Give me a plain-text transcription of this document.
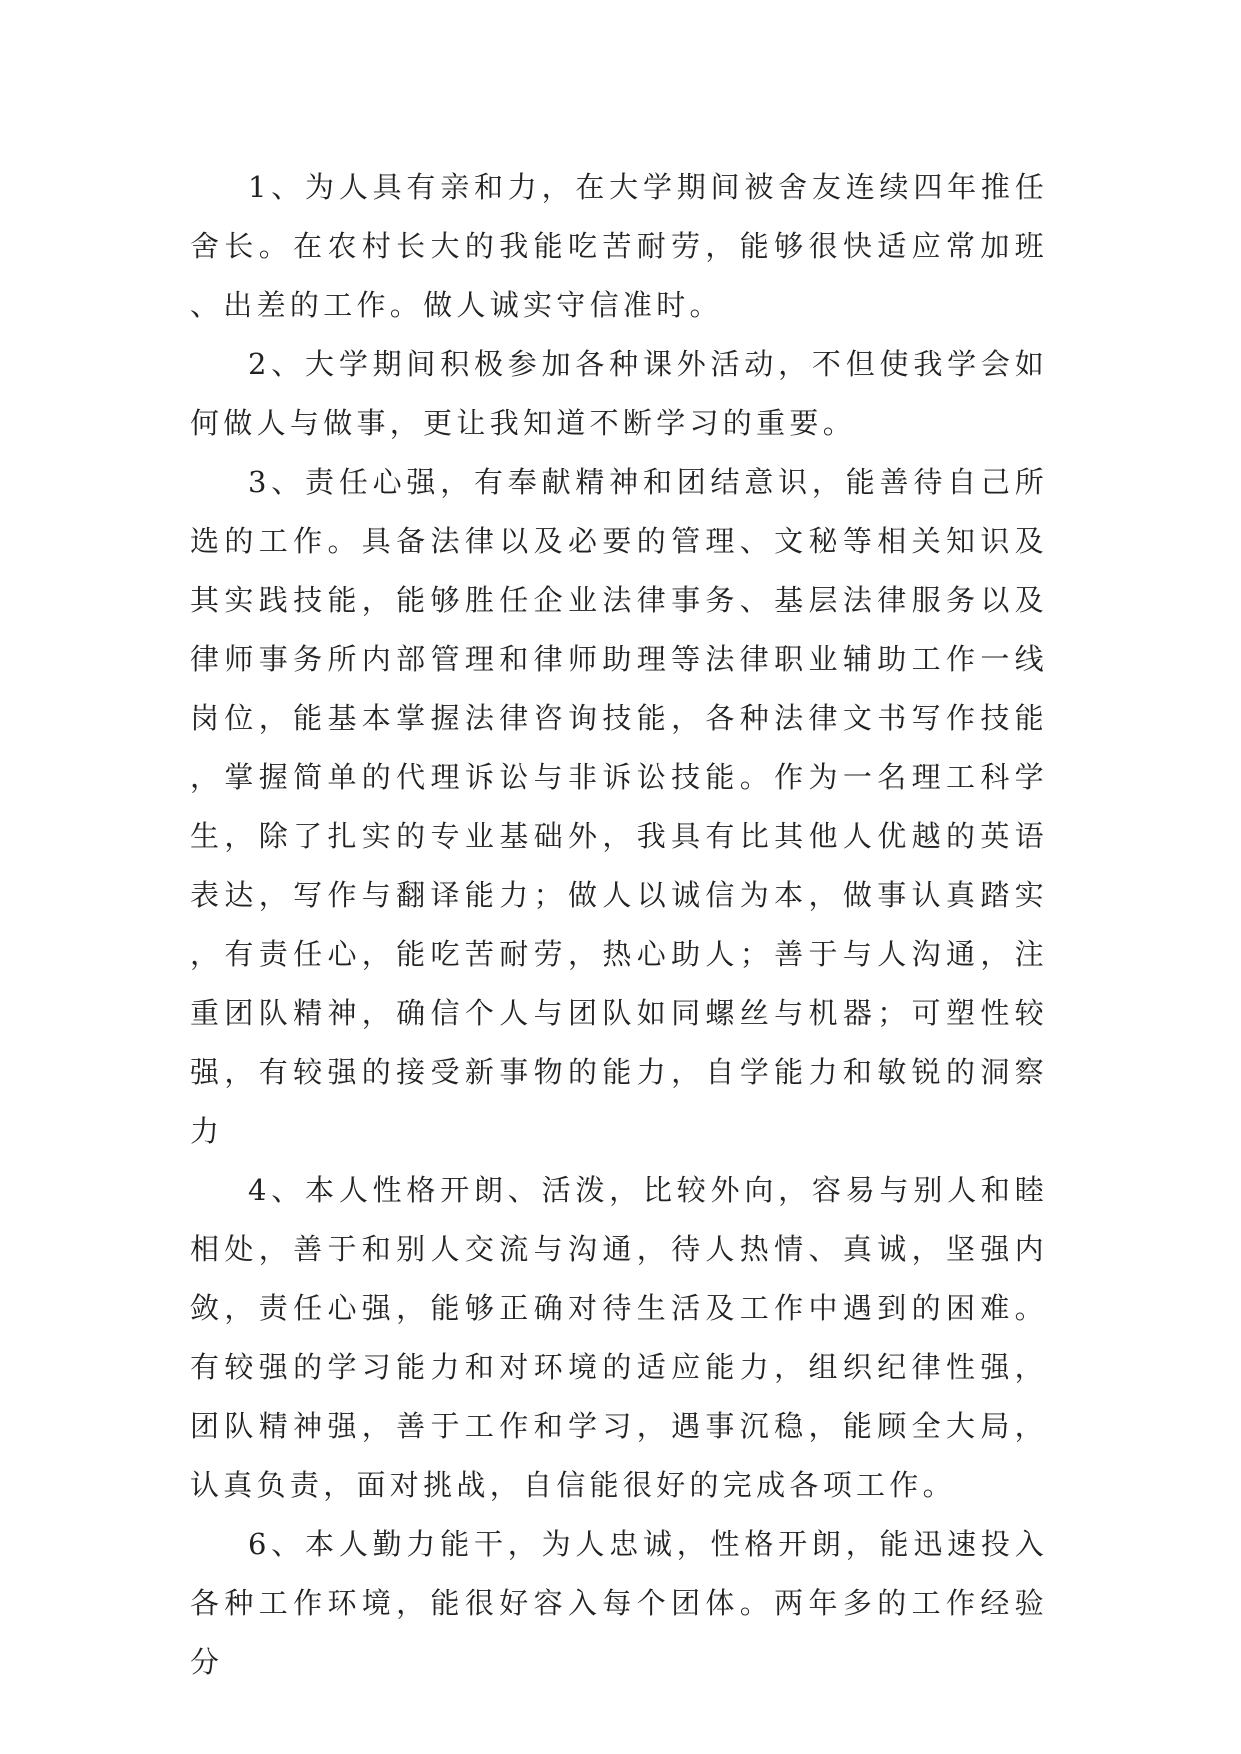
1、为人具有亲和力，在大学期间被舍友连续四年推任舍长。在农村长大的我能吃苦耐劳，能够很快适应常加班、出差的工作。做人诚实守信准时。

2、大学期间积极参加各种课外活动，不但使我学会如何做人与做事，更让我知道不断学习的重要。

3、责任心强，有奉献精神和团结意识，能善待自己所选的工作。具备法律以及必要的管理、文秘等相关知识及其实践技能，能够胜任企业法律事务、基层法律服务以及律师事务所内部管理和律师助理等法律职业辅助工作一线岗位，能基本掌握法律咨询技能，各种法律文书写作技能，掌握简单的代理诉讼与非诉讼技能。作为一名理工科学生，除了扎实的专业基础外，我具有比其他人优越的英语表达，写作与翻译能力；做人以诚信为本，做事认真踏实，有责任心，能吃苦耐劳，热心助人；善于与人沟通，注重团队精神，确信个人与团队如同螺丝与机器；可塑性较强，有较强的接受新事物的能力，自学能力和敏锐的洞察力

4、本人性格开朗、活泼，比较外向，容易与别人和睦相处，善于和别人交流与沟通，待人热情、真诚，坚强内敛，责任心强，能够正确对待生活及工作中遇到的困难。有较强的学习能力和对环境的适应能力，组织纪律性强，团队精神强，善于工作和学习，遇事沉稳，能顾全大局，认真负责，面对挑战，自信能很好的完成各项工作。

6、本人勤力能干，为人忠诚，性格开朗，能迅速投入各种工作环境，能很好容入每个团体。两年多的工作经验分
